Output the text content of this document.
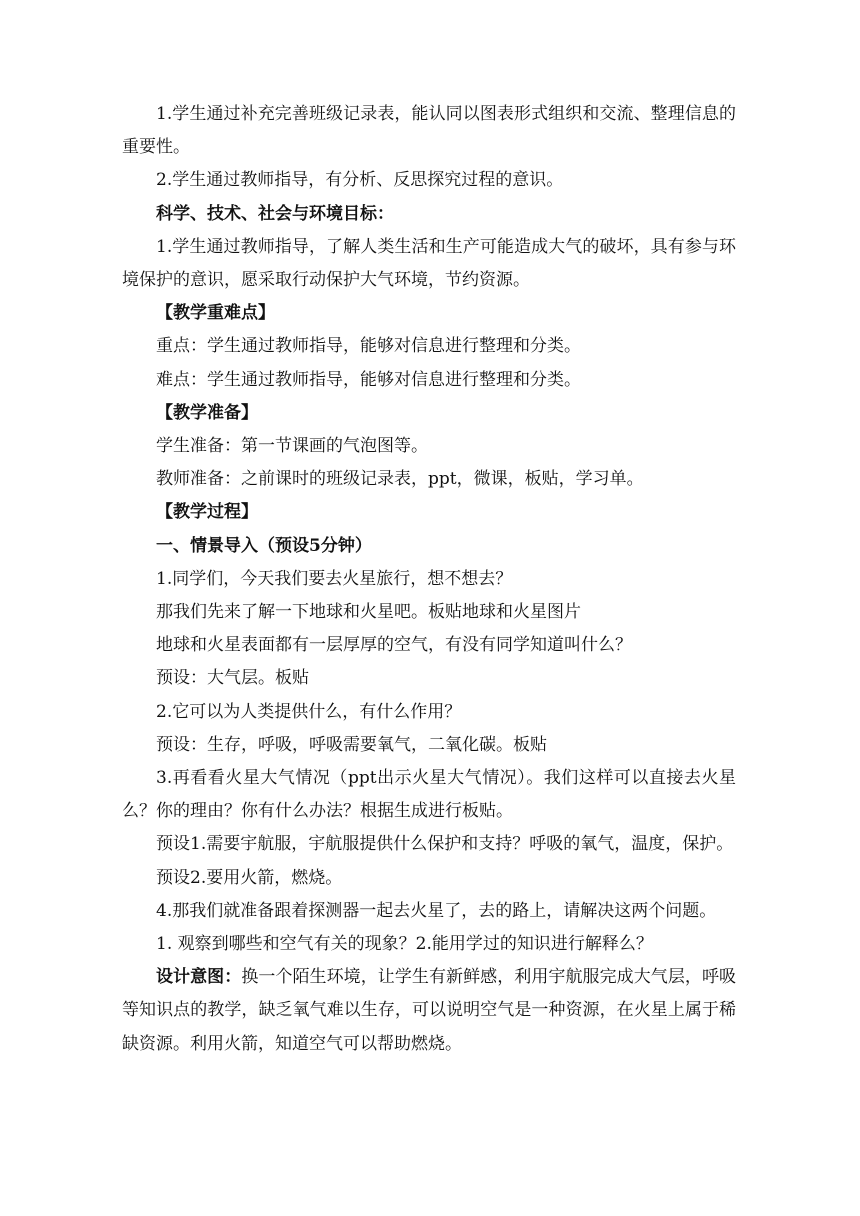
1.学生通过补充完善班级记录表，能认同以图表形式组织和交流、整理信息的重要性。

2.学生通过教师指导，有分析、反思探究过程的意识。

科学、技术、社会与环境目标：

1.学生通过教师指导，了解人类生活和生产可能造成大气的破坏，具有参与环境保护的意识，愿采取行动保护大气环境，节约资源。

【教学重难点】

重点：学生通过教师指导，能够对信息进行整理和分类。

难点：学生通过教师指导，能够对信息进行整理和分类。

【教学准备】

学生准备：第一节课画的气泡图等。

教师准备：之前课时的班级记录表，ppt，微课，板贴，学习单。

【教学过程】

一、情景导入（预设5分钟）

1.同学们，今天我们要去火星旅行，想不想去？

那我们先来了解一下地球和火星吧。板贴地球和火星图片

地球和火星表面都有一层厚厚的空气，有没有同学知道叫什么？

预设：大气层。板贴

2.它可以为人类提供什么，有什么作用？

预设：生存，呼吸，呼吸需要氧气，二氧化碳。板贴

3.再看看火星大气情况（ppt出示火星大气情况）。我们这样可以直接去火星么？你的理由？你有什么办法？根据生成进行板贴。

预设1.需要宇航服，宇航服提供什么保护和支持？呼吸的氧气，温度，保护。

预设2.要用火箭，燃烧。

4.那我们就准备跟着探测器一起去火星了，去的路上，请解决这两个问题。

1. 观察到哪些和空气有关的现象？2.能用学过的知识进行解释么？

设计意图：换一个陌生环境，让学生有新鲜感，利用宇航服完成大气层，呼吸等知识点的教学，缺乏氧气难以生存，可以说明空气是一种资源，在火星上属于稀缺资源。利用火箭，知道空气可以帮助燃烧。
